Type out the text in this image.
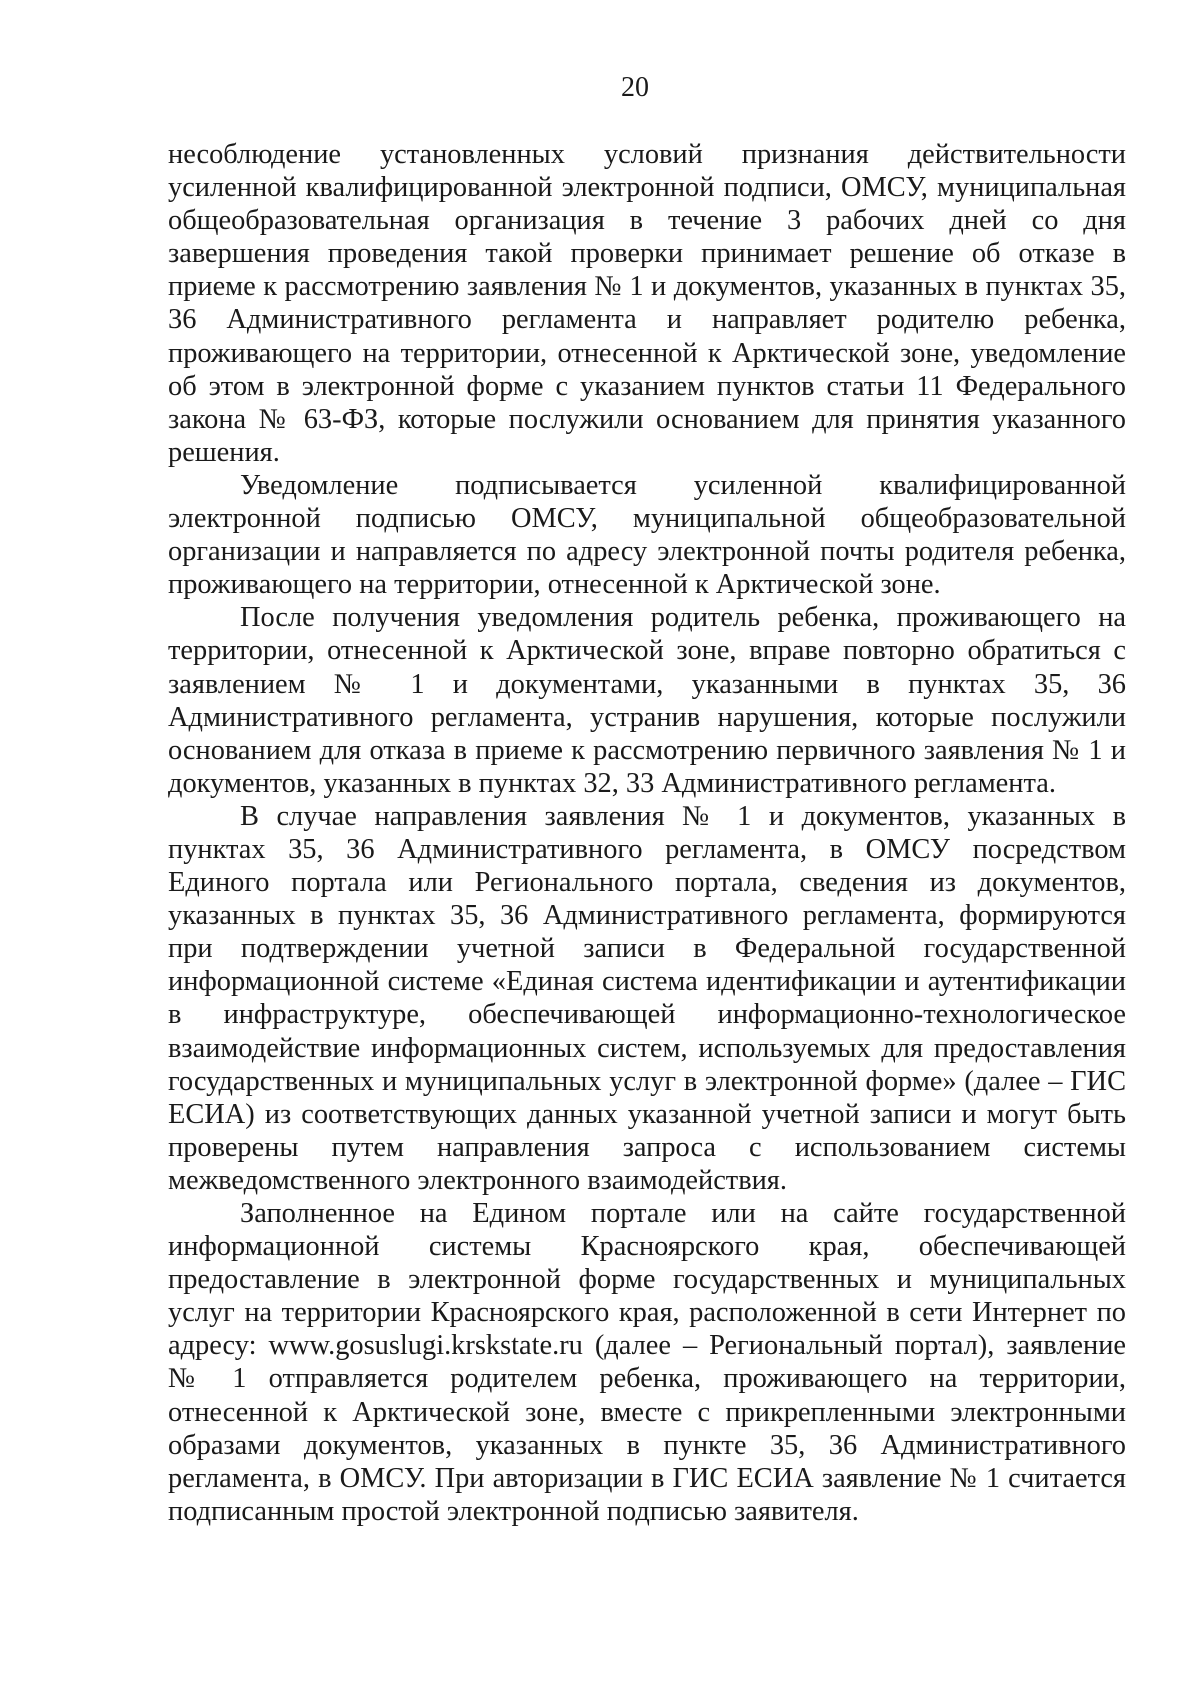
20

несоблюдение установленных условий признания действительности усиленной квалифицированной электронной подписи, ОМСУ, муниципальная общеобразовательная организация в течение 3 рабочих дней со дня завершения проведения такой проверки принимает решение об отказе в приеме к рассмотрению заявления № 1 и документов, указанных в пунктах 35, 36 Административного регламента и направляет родителю ребенка, проживающего на территории, отнесенной к Арктической зоне, уведомление об этом в электронной форме с указанием пунктов статьи 11 Федерального закона № 63-ФЗ, которые послужили основанием для принятия указанного решения.

Уведомление подписывается усиленной квалифицированной электронной подписью ОМСУ, муниципальной общеобразовательной организации и направляется по адресу электронной почты родителя ребенка, проживающего на территории, отнесенной к Арктической зоне.

После получения уведомления родитель ребенка, проживающего на территории, отнесенной к Арктической зоне, вправе повторно обратиться с заявлением № 1 и документами, указанными в пунктах 35, 36 Административного регламента, устранив нарушения, которые послужили основанием для отказа в приеме к рассмотрению первичного заявления № 1 и документов, указанных в пунктах 32, 33 Административного регламента.

В случае направления заявления № 1 и документов, указанных в пунктах 35, 36 Административного регламента, в ОМСУ посредством Единого портала или Регионального портала, сведения из документов, указанных в пунктах 35, 36 Административного регламента, формируются при подтверждении учетной записи в Федеральной государственной информационной системе «Единая система идентификации и аутентификации в инфраструктуре, обеспечивающей информационно-технологическое взаимодействие информационных систем, используемых для предоставления государственных и муниципальных услуг в электронной форме» (далее – ГИС ЕСИА) из соответствующих данных указанной учетной записи и могут быть проверены путем направления запроса с использованием системы межведомственного электронного взаимодействия.

Заполненное на Едином портале или на сайте государственной информационной системы Красноярского края, обеспечивающей предоставление в электронной форме государственных и муниципальных услуг на территории Красноярского края, расположенной в сети Интернет по адресу: www.gosuslugi.krskstate.ru (далее – Региональный портал), заявление № 1 отправляется родителем ребенка, проживающего на территории, отнесенной к Арктической зоне, вместе с прикрепленными электронными образами документов, указанных в пункте 35, 36 Административного регламента, в ОМСУ. При авторизации в ГИС ЕСИА заявление № 1 считается подписанным простой электронной подписью заявителя.
